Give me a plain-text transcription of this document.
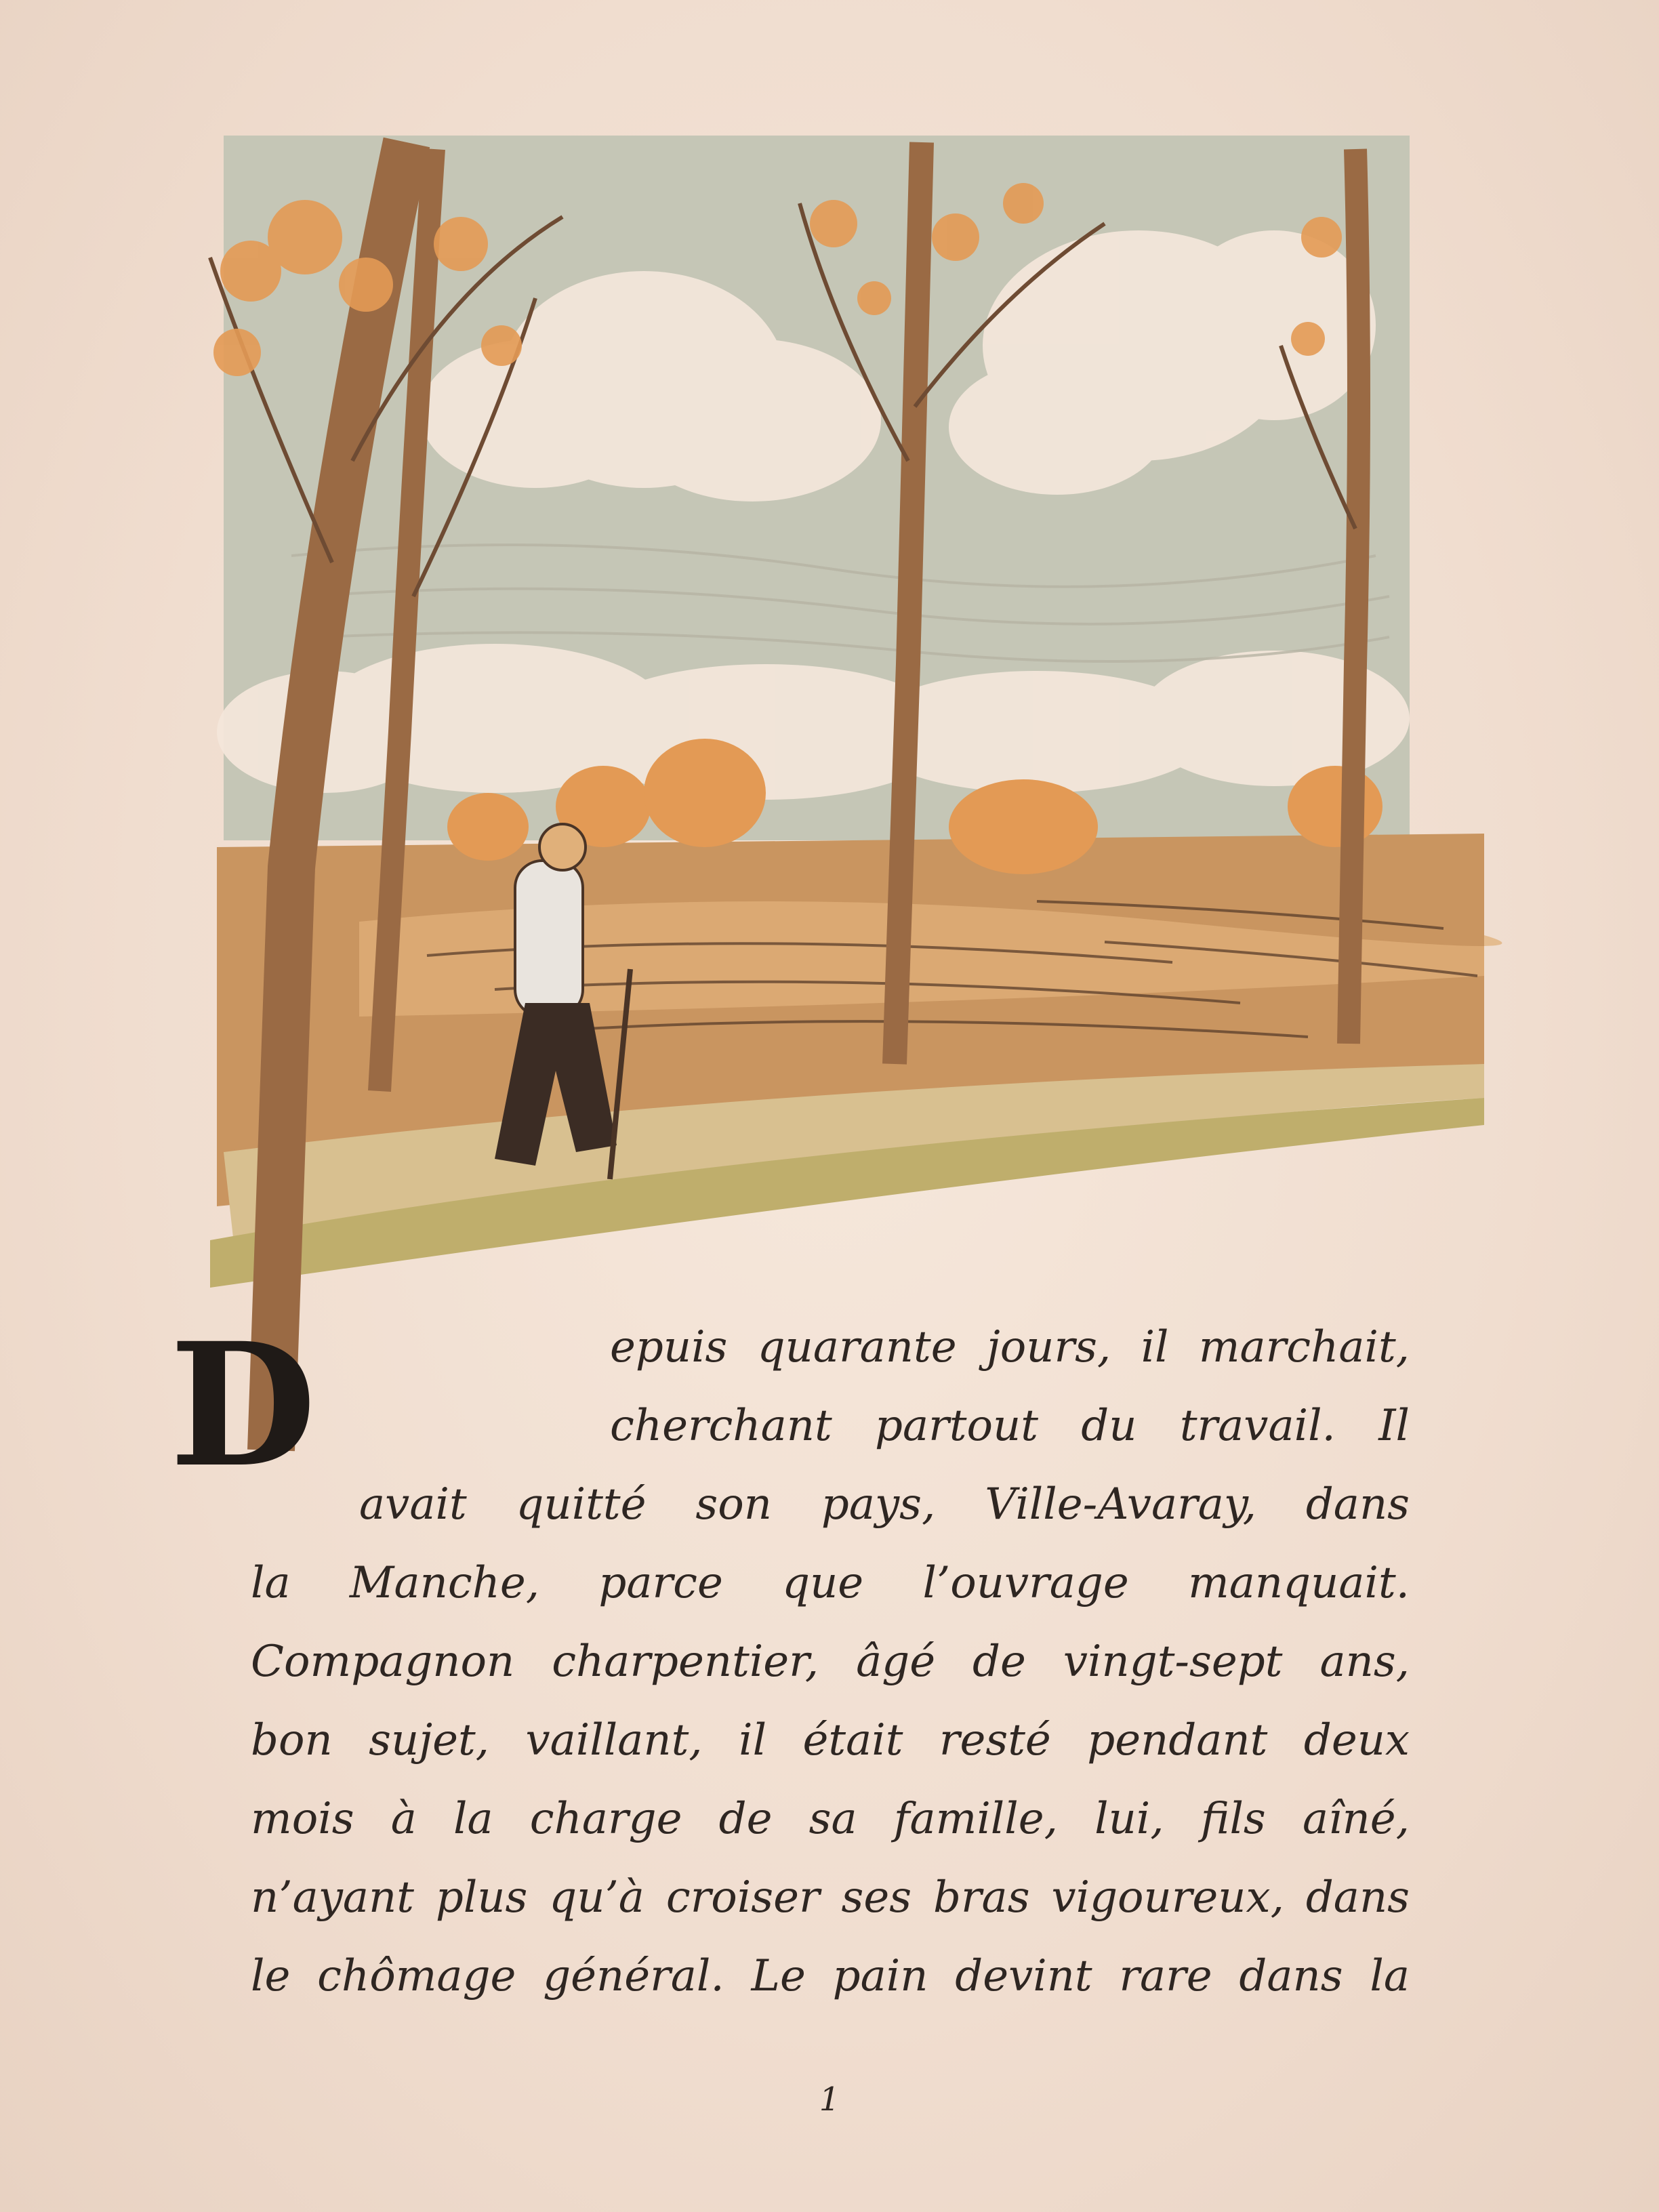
D	epuis quarante jours, il marchait,
cherchant partout du travail. Il
avait quitté son pays, Ville-Avaray, dans
la Manche, parce que l’ouvrage manquait.
Compagnon charpentier, âgé de vingt-sept ans,
bon sujet, vaillant, il était resté pendant deux
mois à la charge de sa famille, lui, fils aîné,
n’ayant plus qu’à croiser ses bras vigoureux, dans
le chômage général. Le pain devint rare dans la
1
